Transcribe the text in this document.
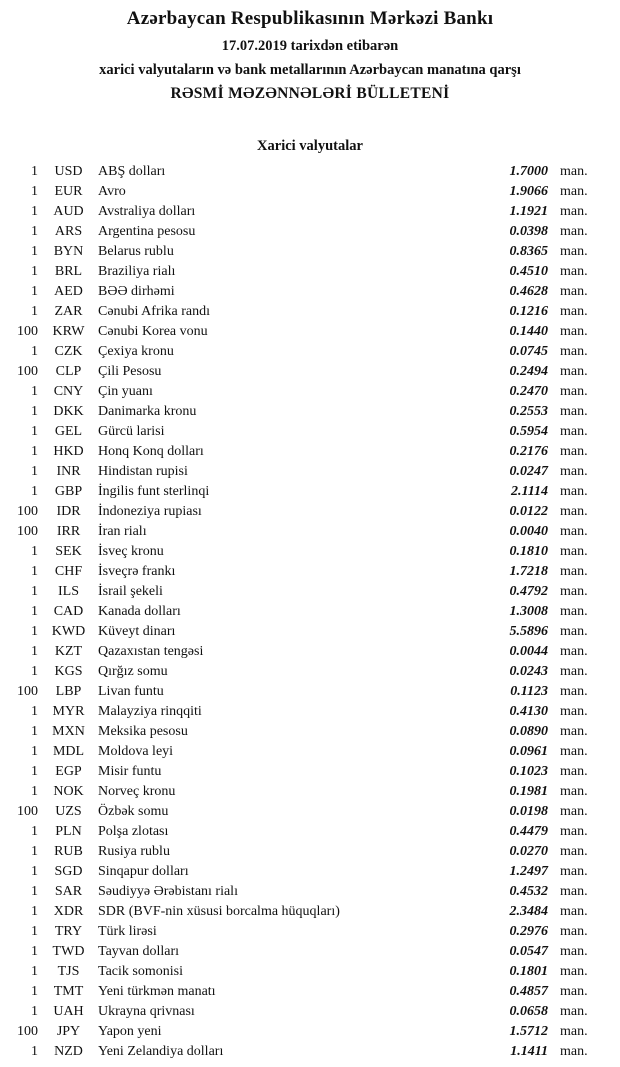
Azərbaycan Respublikasının Mərkəzi Bankı
17.07.2019 tarixdən etibarən
xarici valyutaların və bank metallarının Azərbaycan manatına qarşı
RƏSMİ MƏZƏNNƏLƏRİ BÜLLETENİ
Xarici valyutalar
1	USD	ABŞ dolları	1.7000 man.
1	EUR	Avro	1.9066 man.
1	AUD	Avstraliya dolları	1.1921 man.
1	ARS	Argentina pesosu	0.0398 man.
1	BYN	Belarus rublu	0.8365 man.
1	BRL	Braziliya rialı	0.4510 man.
1	AED	BƏƏ dirhəmi	0.4628 man.
1	ZAR	Cənubi Afrika randı	0.1216 man.
100	KRW Cənubi Korea vonu	0.1440 man.
1	CZK	Çexiya kronu	0.0745 man.
100	CLP	Çili Pesosu	0.2494 man.
1	CNY	Çin yuanı	0.2470 man.
1	DKK	Danimarka kronu	0.2553 man.
1	GEL	Gürcü larisi	0.5954 man.
1	HKD	Honq Konq dolları	0.2176 man.
1	INR	Hindistan rupisi	0.0247 man.
1	GBP	İngilis funt sterlinqi	2.1114 man.
100	IDR	İndoneziya rupiası	0.0122 man.
100	IRR	İran rialı	0.0040 man.
1	SEK	İsveç kronu	0.1810 man.
1	CHF	İsveçrə frankı	1.7218 man.
1	ILS	İsrail şekeli	0.4792 man.
1	CAD	Kanada dolları	1.3008 man.
1 KWD Küveyt dinarı	5.5896 man.
1	KZT	Qazaxıstan tengəsi	0.0044 man.
1	KGS	Qırğız somu	0.0243 man.
100	LBP	Livan funtu	0.1123 man.
1	MYR Malayziya rinqqiti	0.4130 man.
1	MXN Meksika pesosu	0.0890 man.
1	MDL Moldova leyi	0.0961 man.
1	EGP	Misir funtu	0.1023 man.
1	NOK	Norveç kronu	0.1981 man.
100	UZS	Özbək somu	0.0198 man.
1	PLN	Polşa zlotası	0.4479 man.
1	RUB	Rusiya rublu	0.0270 man.
1	SGD	Sinqapur dolları	1.2497 man.
1	SAR	Səudiyyə Ərəbistanı rialı	0.4532 man.
1	XDR	SDR (BVF-nin xüsusi borcalma hüquqları)	2.3484 man.
1	TRY	Türk lirəsi	0.2976 man.
1	TWD Tayvan dolları	0.0547 man.
1	TJS	Tacik somonisi	0.1801 man.
1	TMT	Yeni türkmən manatı	0.4857 man.
1	UAH	Ukrayna qrivnası	0.0658 man.
100	JPY	Yapon yeni	1.5712 man.
1	NZD	Yeni Zelandiya dolları	1.1411 man.
